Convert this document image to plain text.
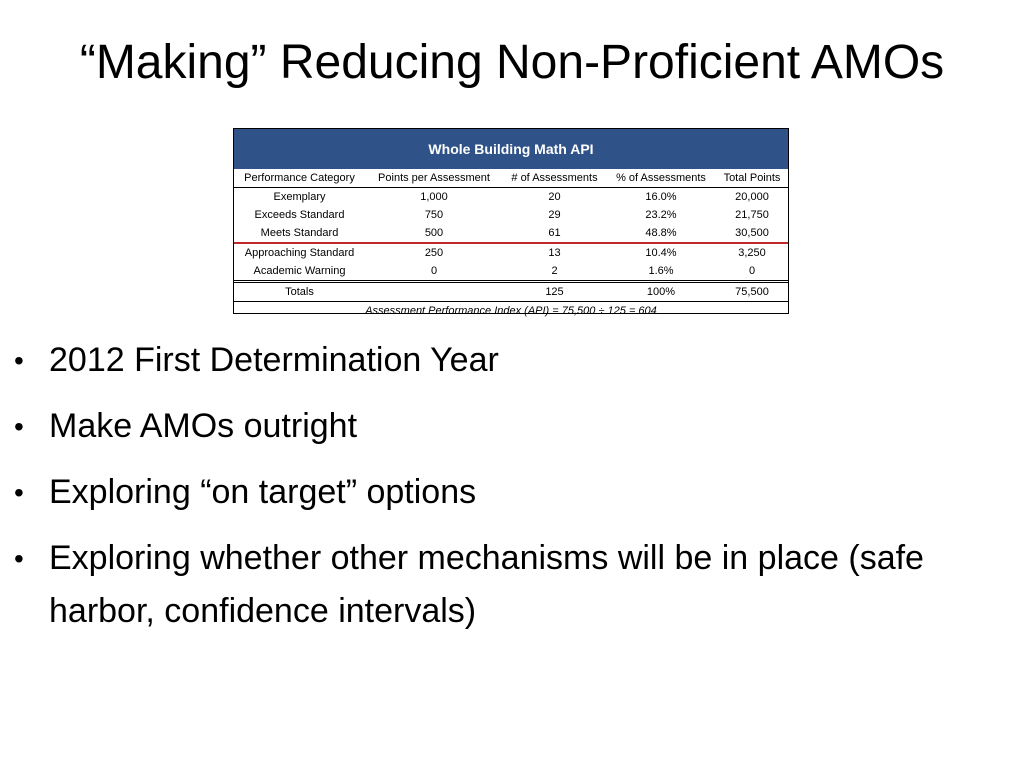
“Making” Reducing Non-Proficient AMOs
Whole Building Math API
Performance Category	Points per Assessment	# of Assessments	% of Assessments	Total Points
Exemplary	1,000	20	16.0%	20,000
Exceeds Standard	750	29	23.2%	21,750
Meets Standard	500	61	48.8%	30,500
Approaching Standard	250	13	10.4%	3,250
Academic Warning	0	2	1.6%	0
Totals		125	100%	75,500
Assessment Performance Index (API) = 75,500 ÷ 125 = 604				
• 2012 First Determination Year
• Make AMOs outright
• Exploring “on target” options
• Exploring whether other mechanisms will be in place (safe harbor, confidence intervals)
